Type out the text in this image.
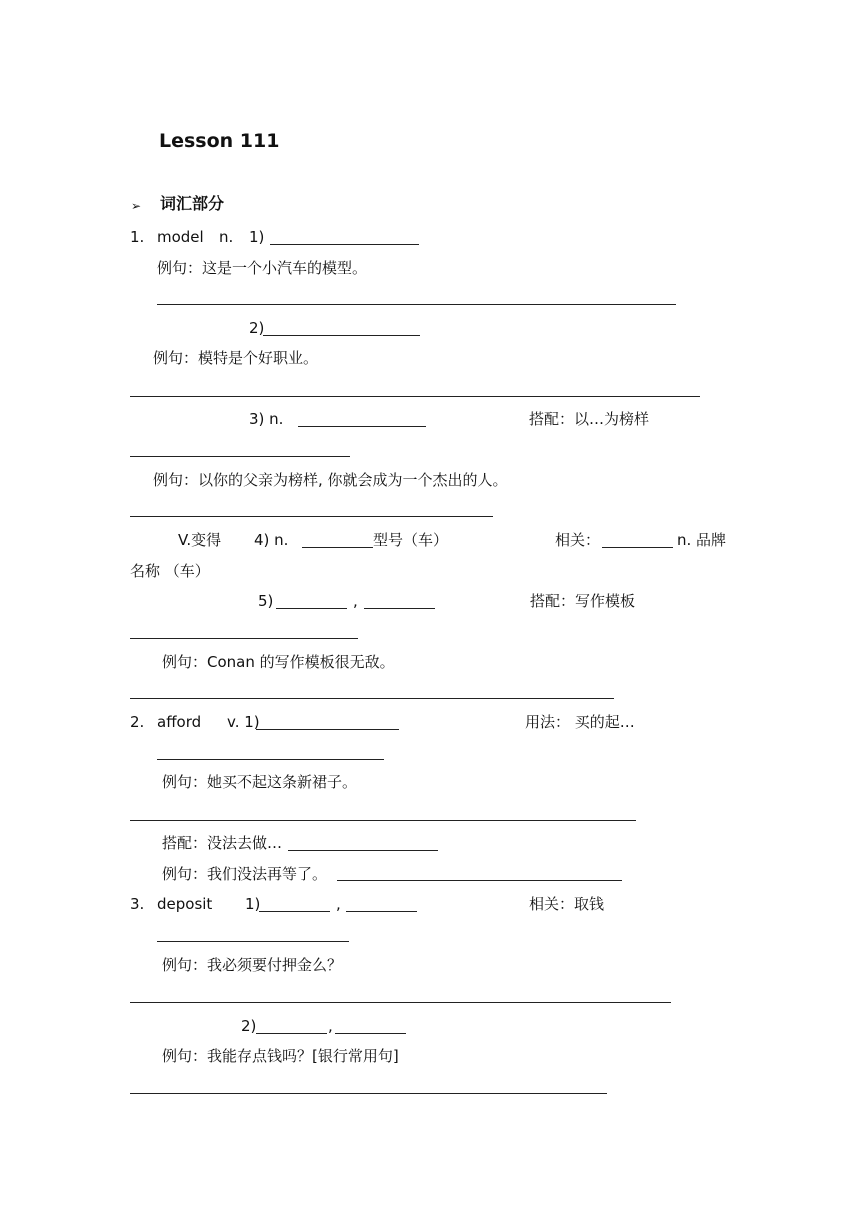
Lesson 111
➢ 词汇部分
1. model n. 1)
例句：这是一个小汽车的模型。
2)
例句：模特是个好职业。
3) n.	搭配：以…为榜样
例句：以你的父亲为榜样, 你就会成为一个杰出的人。
V.变得 4) n.	型号（车）	相关：	n. 品牌
名称 （车）
5)	,	搭配：写作模板
例句：Conan 的写作模板很无敌。
2. afford v. 1)	用法： 买的起…
例句：她买不起这条新裙子。
搭配：没法去做…
例句：我们没法再等了。
3. deposit 1)	,	相关：取钱
例句：我必须要付押金么？
2)	,
例句：我能存点钱吗？[银行常用句]
